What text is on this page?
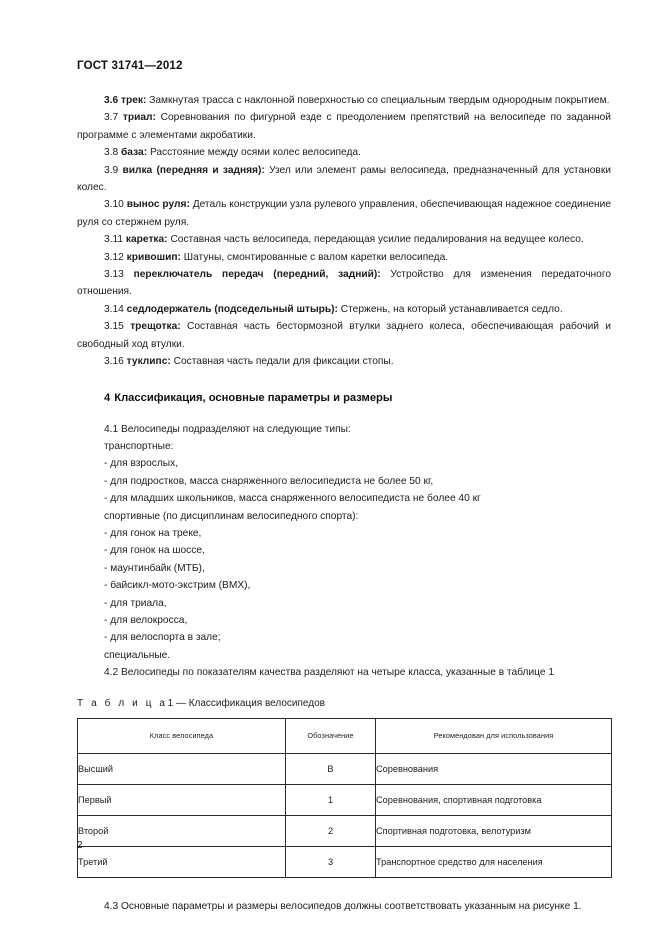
ГОСТ 31741—2012

3.6 трек: Замкнутая трасса с наклонной поверхностью со специальным твердым однородным покрытием.

3.7 триал: Соревнования по фигурной езде с преодолением препятствий на велосипеде по заданной программе с элементами акробатики.

3.8 база: Расстояние между осями колес велосипеда.

3.9 вилка (передняя и задняя): Узел или элемент рамы велосипеда, предназначенный для установки колес.

3.10 вынос руля: Деталь конструкции узла рулевого управления, обеспечивающая надежное соединение руля со стержнем руля.

3.11 каретка: Составная часть велосипеда, передающая усилие педалирования на ведущее колесо.

3.12 кривошип: Шатуны, смонтированные с валом каретки велосипеда.

3.13 переключатель передач (передний, задний): Устройство для изменения передаточного отношения.

3.14 седлодержатель (подседельный штырь): Стержень, на который устанавливается седло.

3.15 трещотка: Составная часть бестормозной втулки заднего колеса, обеспечивающая рабочий и свободный ход втулки.

3.16 туклипс: Составная часть педали для фиксации стопы.

4 Классификация, основные параметры и размеры

4.1 Велосипеды подразделяют на следующие типы:

транспортные:

- для взрослых,

- для подростков, масса снаряженного велосипедиста не более 50 кг,

- для младших школьников, масса снаряженного велосипедиста не более 40 кг

спортивные (по дисциплинам велосипедного спорта):

- для гонок на треке,

- для гонок на шоссе,

- маунтинбайк (МТБ),

- байсикл-мото-экстрим (ВМХ),

- для триала,

- для велокросса,

- для велоспорта в зале;

специальные.

4.2 Велосипеды по показателям качества разделяют на четыре класса, указанные в таблице 1

Т а б л и ц а1 — Классификация велосипедов

Класс велосипеда	Обозначение	Рекомендован для использования
Высший	В	Соревнования
Первый	1	Соревнования, спортивная подготовка
Второй	2	Спортивная подготовка, велотуризм
Третий	3	Транспортное средство для населения

4.3 Основные параметры и размеры велосипедов должны соответствовать указанным на рисунке 1.

2
